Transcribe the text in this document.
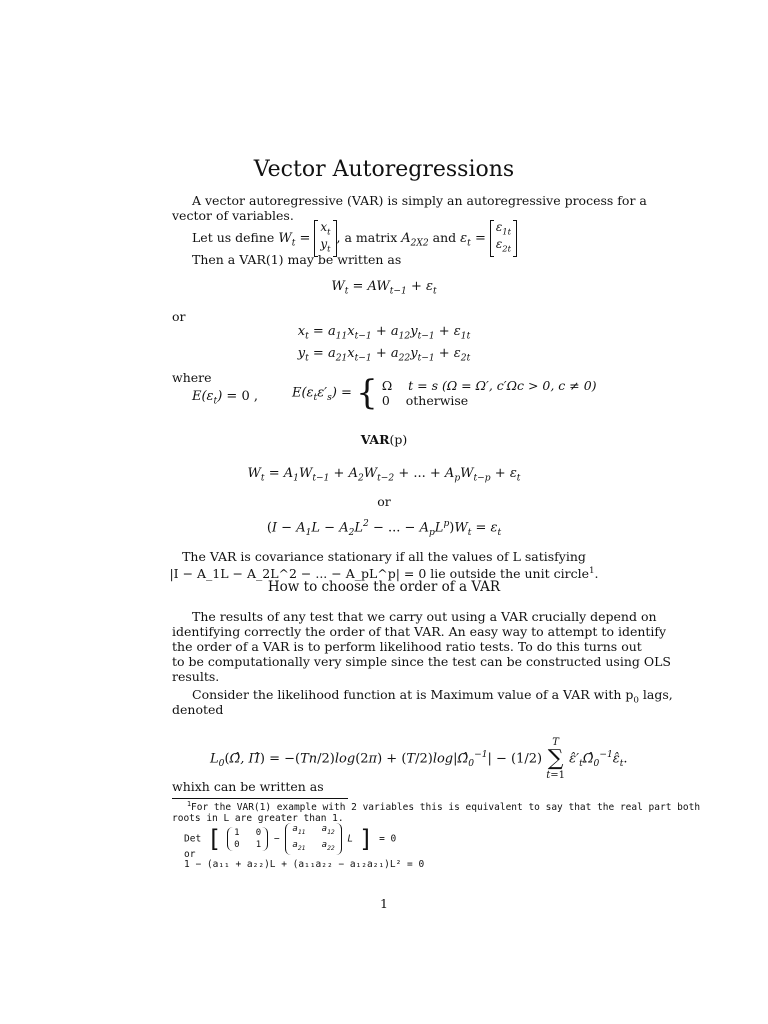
Vector Autoregressions
A vector autoregressive (VAR) is simply an autoregressive process for a
vector of variables.
Let us define $W_t = x_t$
$y_t$, a matrix $A_{2X2}$ and $\varepsilon_t = \varepsilon_{1t}$
$\varepsilon_{2t}$
Then a VAR(1) may be written as
$W_t = AW_{t-1} + \varepsilon_t$
or
$x_t = a_{11}x_{t-1} + a_{12}y_{t-1} + \varepsilon_{1t}$
$y_t = a_{21}x_{t-1} + a_{22}y_{t-1} + \varepsilon_{2t}$
where
$E(\varepsilon_t) = 0$ ,	$E(\varepsilon_t\varepsilon'_s)$ = { Ω t = s (Ω = Ω′, c′Ωc > 0, c ≠ 0)
0 otherwise
VAR(p)
$W_t = A_1W_{t-1} + A_2W_{t-2}$ + ... + $A_pW_{t-p} + \varepsilon_t$
or
($I - A_1L - A_2L^2$ − ... − $A_pL^p)W_t = \varepsilon_t$
The VAR is covariance stationary if all the values of L satisfying
|I − A_1L − A_2L^2 − ... − A_pL^p| = 0 lie outside the unit circle$^1$.
How to choose the order of a VAR
The results of any test that we carry out using a VAR crucially depend on
identifying correctly the order of that VAR. An easy way to attempt to identify
the order of a VAR is to perform likelihood ratio tests. To do this turns out
to be computationally very simple since the test can be constructed using OLS
results.
Consider the likelihood function at is Maximum value of a VAR with $p_0$ lags,
denoted
$L_0(\Omegâ$, Π̂) = $-(Tn/2)\log(2\pi) + (T/2)\log|\Omegâ_0^{-1}| - (1/2)$ T
∑
t=1 $\varepsilon̂'_t\Omegâ_0^{-1}\varepsilon̂_t$.
whixh can be written as
$^1$For the VAR(1) example with 2 variables this is equivalent to say that the real part both
roots in L are greater than 1.
Det [ 1   0
0   $1 - a_{11}$   $a_{12}$
$a_{21}$   $a_{22}$ L ] = 0
or
1 − (a₁₁ + a₂₂)L + (a₁₁a₂₂ − a₁₂a₂₁)L² = 0
1
